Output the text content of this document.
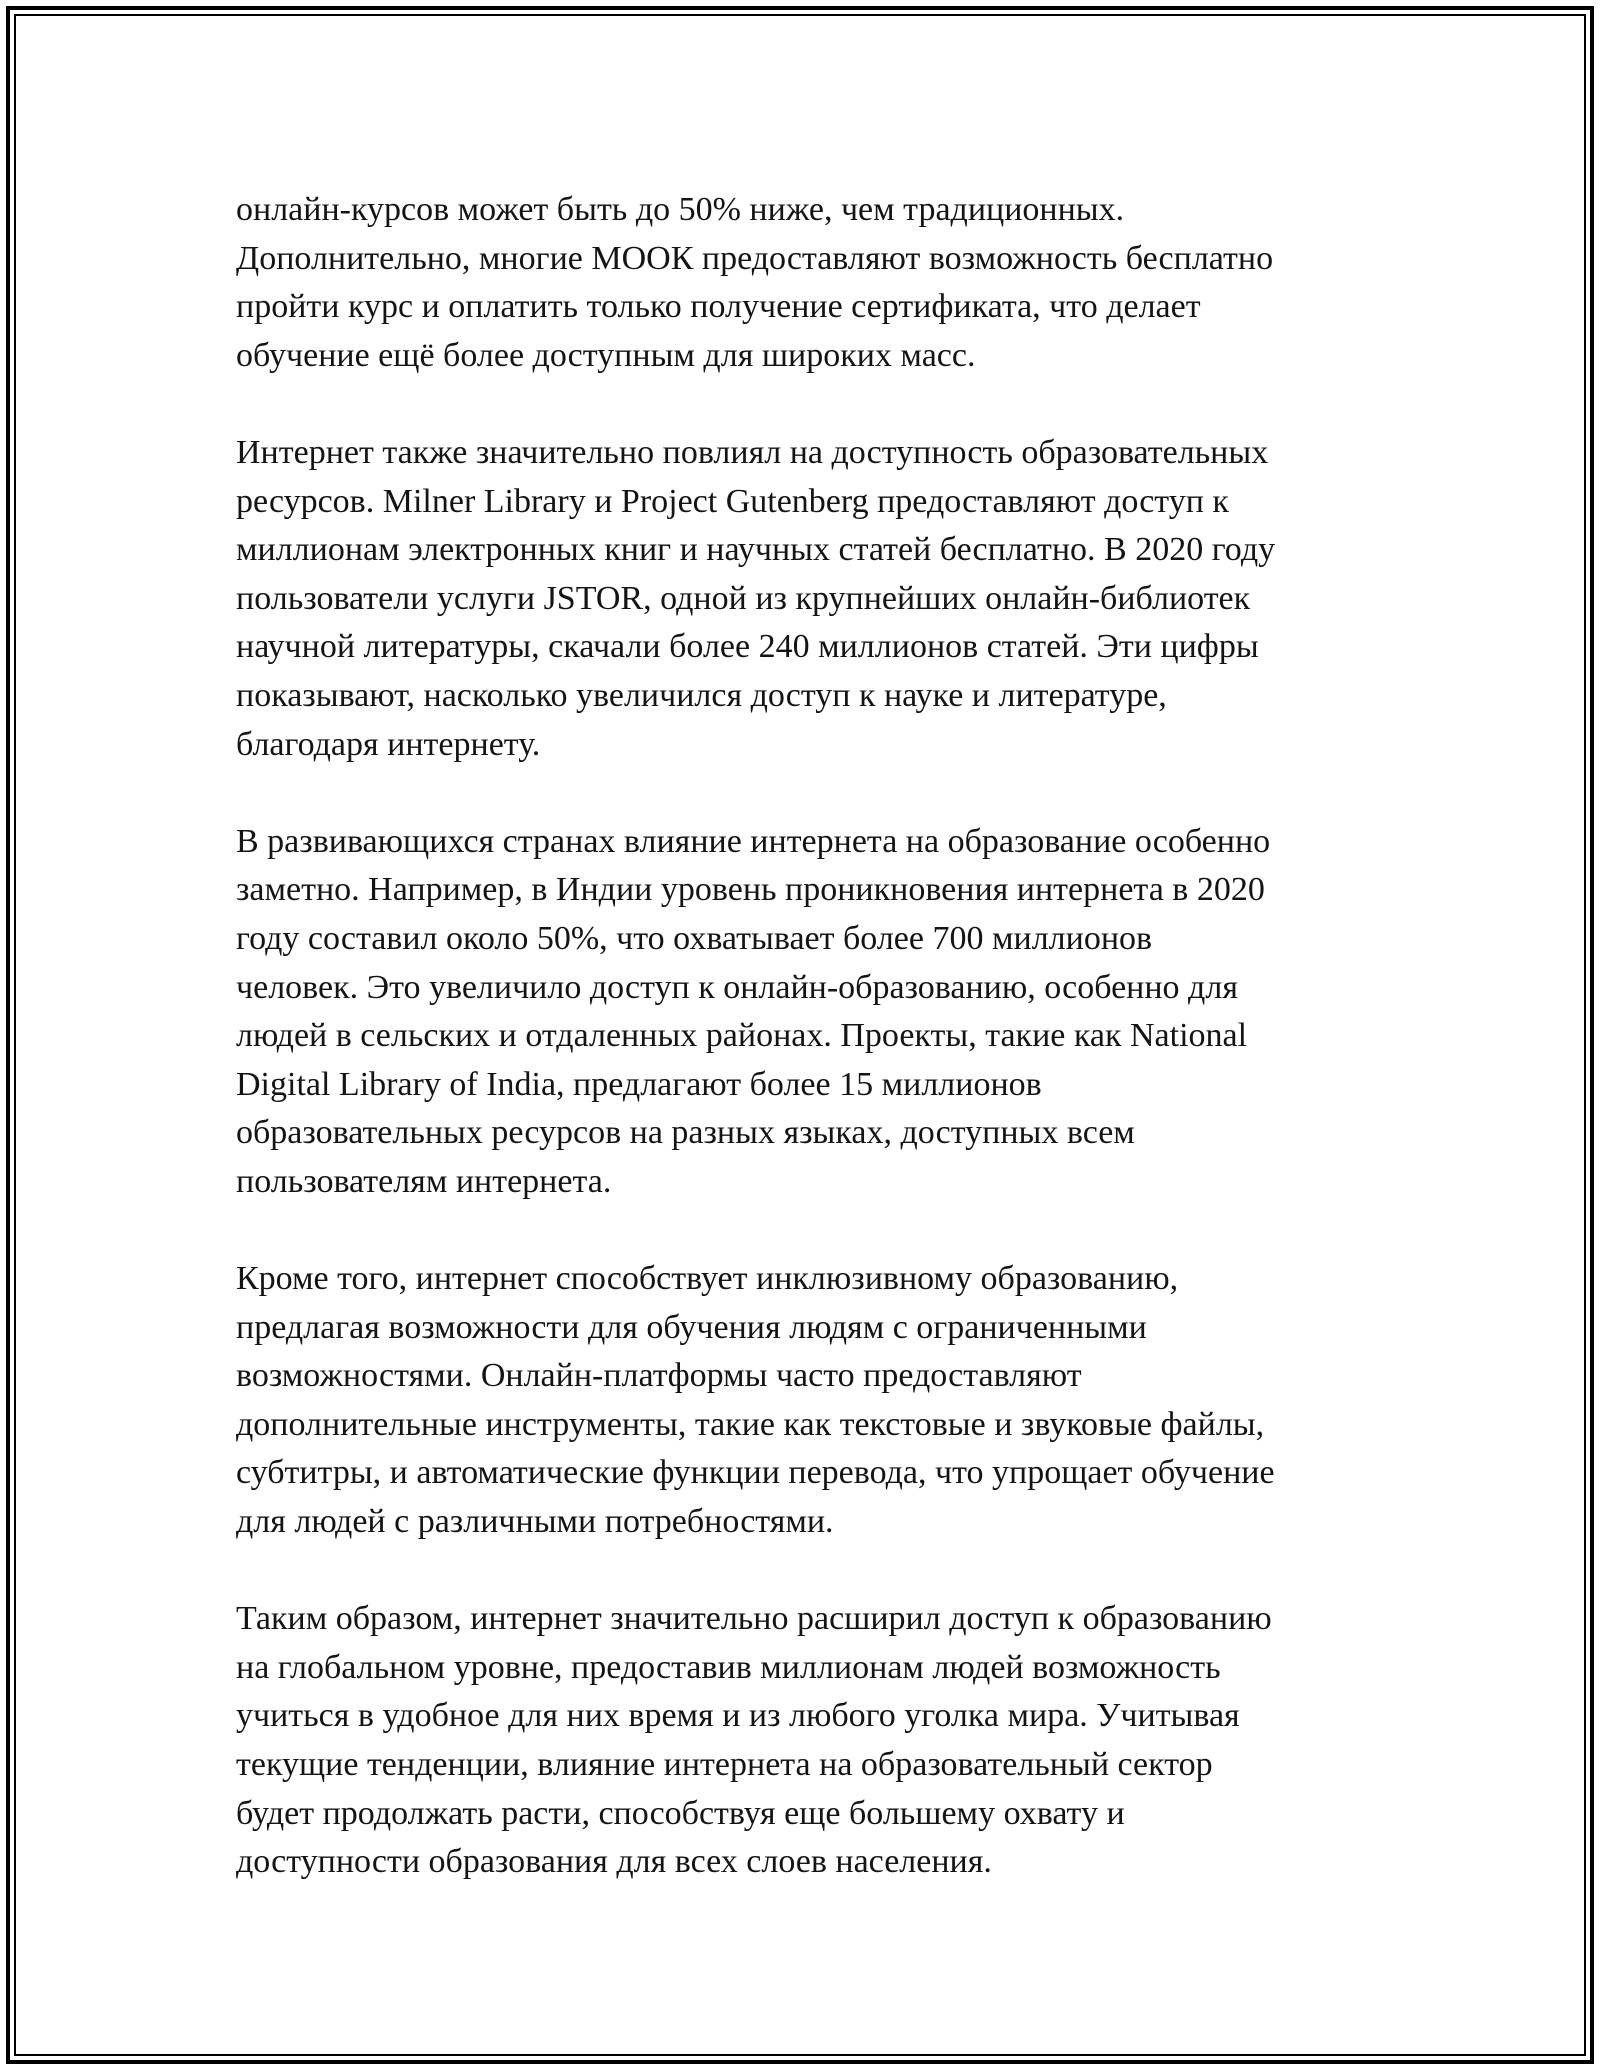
онлайн-курсов может быть до 50% ниже, чем традиционных.
Дополнительно, многие МООК предоставляют возможность бесплатно
пройти курс и оплатить только получение сертификата, что делает
обучение ещё более доступным для широких масс.

Интернет также значительно повлиял на доступность образовательных
ресурсов. Milner Library и Project Gutenberg предоставляют доступ к
миллионам электронных книг и научных статей бесплатно. В 2020 году
пользователи услуги JSTOR, одной из крупнейших онлайн-библиотек
научной литературы, скачали более 240 миллионов статей. Эти цифры
показывают, насколько увеличился доступ к науке и литературе,
благодаря интернету.

В развивающихся странах влияние интернета на образование особенно
заметно. Например, в Индии уровень проникновения интернета в 2020
году составил около 50%, что охватывает более 700 миллионов
человек. Это увеличило доступ к онлайн-образованию, особенно для
людей в сельских и отдаленных районах. Проекты, такие как National
Digital Library of India, предлагают более 15 миллионов
образовательных ресурсов на разных языках, доступных всем
пользователям интернета.

Кроме того, интернет способствует инклюзивному образованию,
предлагая возможности для обучения людям с ограниченными
возможностями. Онлайн-платформы часто предоставляют
дополнительные инструменты, такие как текстовые и звуковые файлы,
субтитры, и автоматические функции перевода, что упрощает обучение
для людей с различными потребностями.

Таким образом, интернет значительно расширил доступ к образованию
на глобальном уровне, предоставив миллионам людей возможность
учиться в удобное для них время и из любого уголка мира. Учитывая
текущие тенденции, влияние интернета на образовательный сектор
будет продолжать расти, способствуя еще большему охвату и
доступности образования для всех слоев населения.
